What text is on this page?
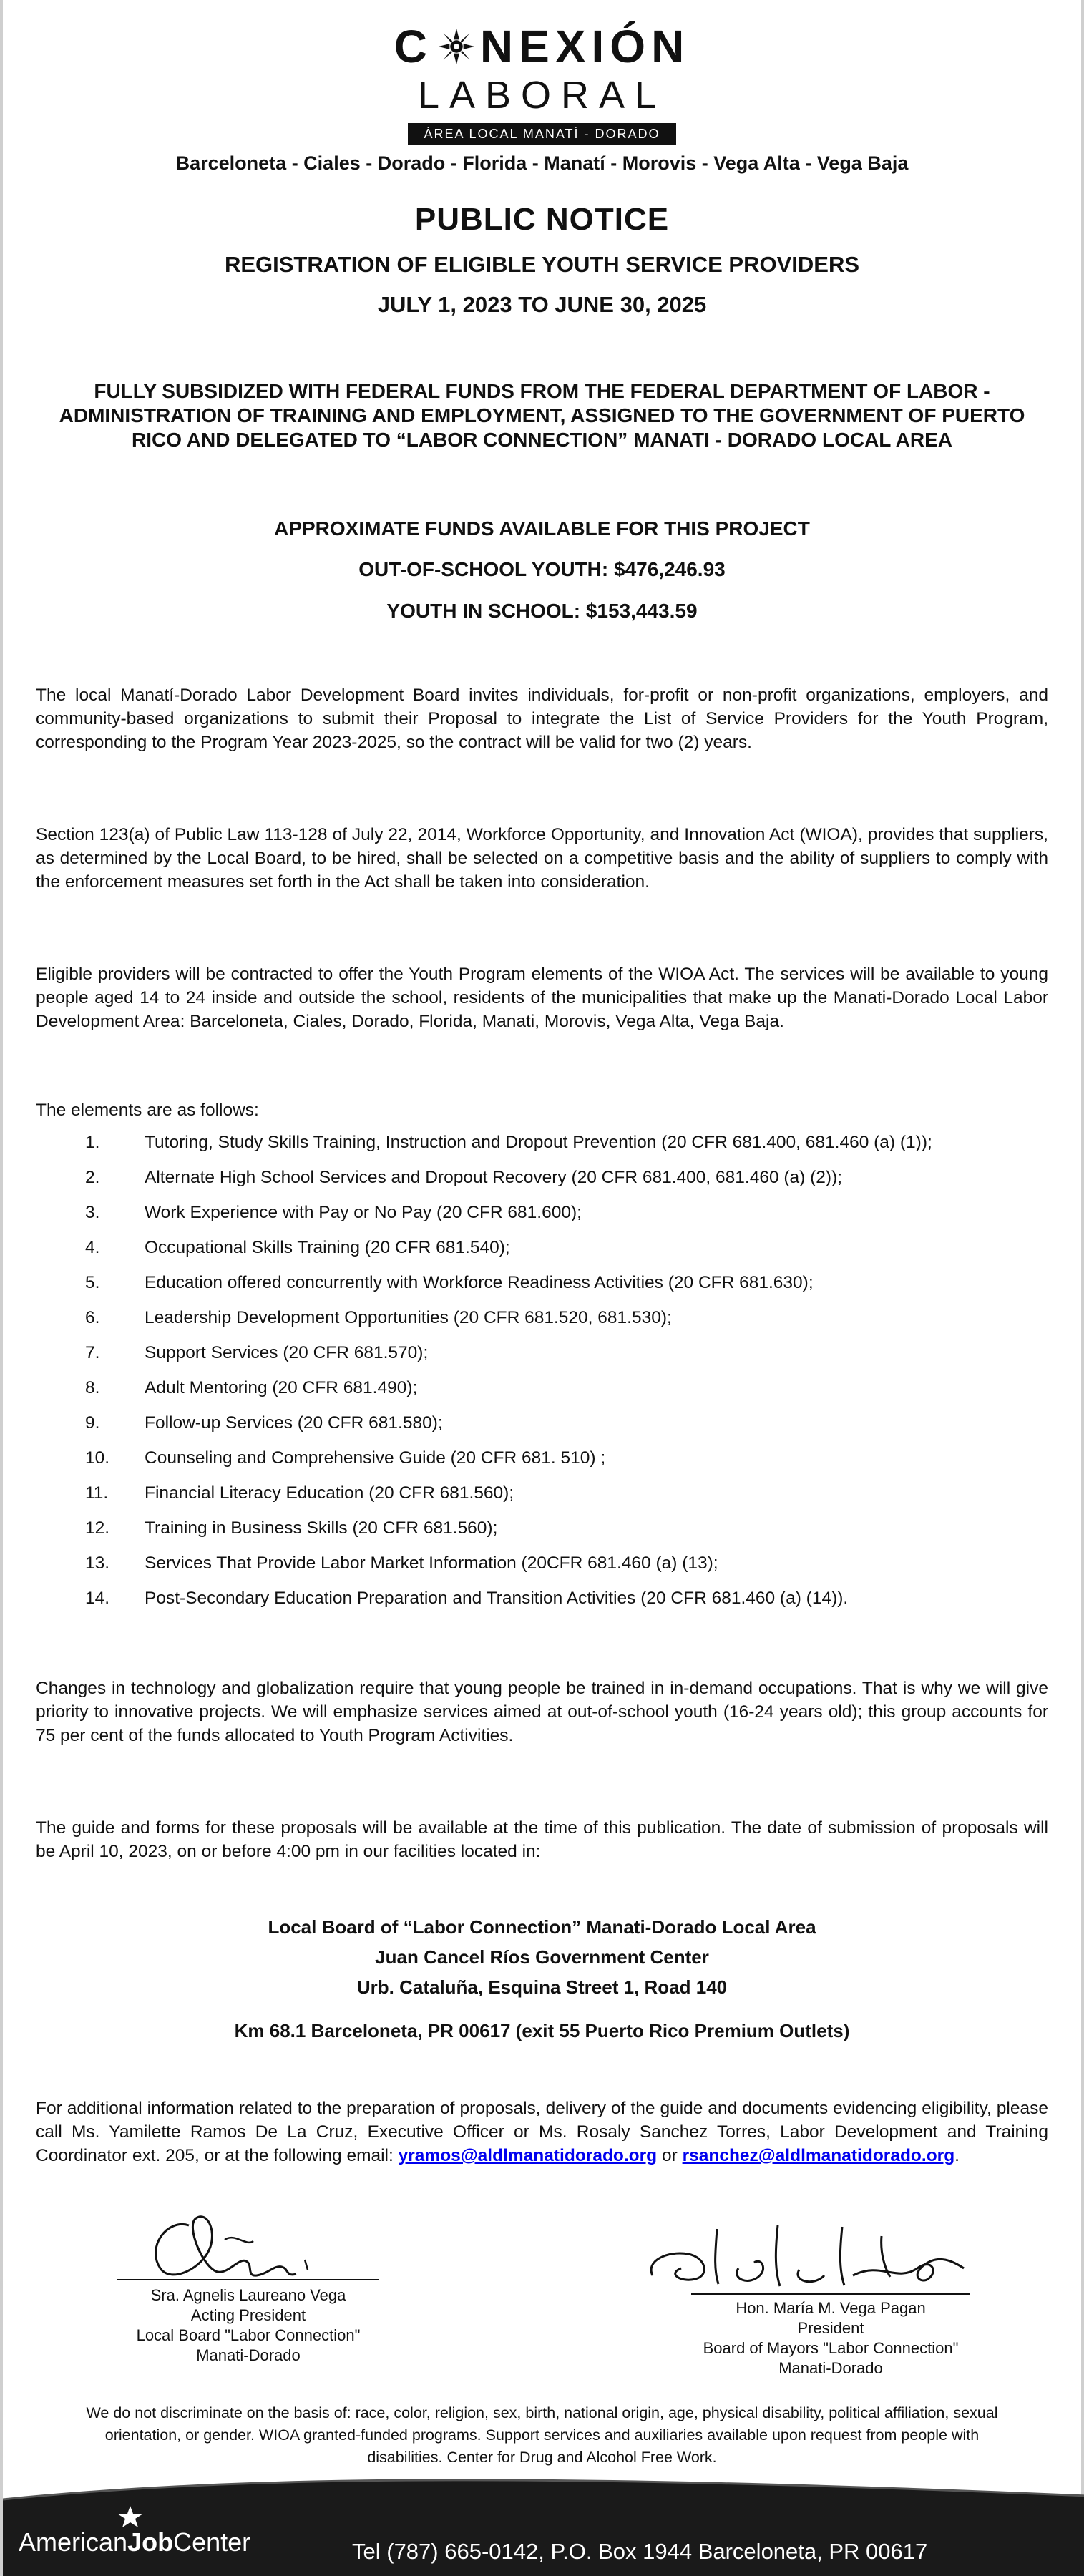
C NEXIÓN
LABORAL
ÁREA LOCAL MANATÍ - DORADO
Barceloneta - Ciales - Dorado - Florida - Manatí - Morovis - Vega Alta - Vega Baja
PUBLIC NOTICE
REGISTRATION OF ELIGIBLE YOUTH SERVICE PROVIDERS
JULY 1, 2023 TO JUNE 30, 2025
FULLY SUBSIDIZED WITH FEDERAL FUNDS FROM THE FEDERAL DEPARTMENT OF LABOR - ADMINISTRATION OF TRAINING AND EMPLOYMENT, ASSIGNED TO THE GOVERNMENT OF PUERTO RICO AND DELEGATED TO “LABOR CONNECTION” MANATI - DORADO LOCAL AREA
APPROXIMATE FUNDS AVAILABLE FOR THIS PROJECT
OUT-OF-SCHOOL YOUTH: $476,246.93
YOUTH IN SCHOOL: $153,443.59
The local Manatí-Dorado Labor Development Board invites individuals, for-profit or non-profit organizations, employers, and community-based organizations to submit their Proposal to integrate the List of Service Providers for the Youth Program, corresponding to the Program Year 2023-2025, so the contract will be valid for two (2) years.
Section 123(a) of Public Law 113-128 of July 22, 2014, Workforce Opportunity, and Innovation Act (WIOA), provides that suppliers, as determined by the Local Board, to be hired, shall be selected on a competitive basis and the ability of suppliers to comply with the enforcement measures set forth in the Act shall be taken into consideration.
Eligible providers will be contracted to offer the Youth Program elements of the WIOA Act. The services will be available to young people aged 14 to 24 inside and outside the school, residents of the municipalities that make up the Manati-Dorado Local Labor Development Area: Barceloneta, Ciales, Dorado, Florida, Manati, Morovis, Vega Alta, Vega Baja.
The elements are as follows:
1.	Tutoring, Study Skills Training, Instruction and Dropout Prevention (20 CFR 681.400, 681.460 (a) (1));
2.	Alternate High School Services and Dropout Recovery (20 CFR 681.400, 681.460 (a) (2));
3.	Work Experience with Pay or No Pay (20 CFR 681.600);
4.	Occupational Skills Training (20 CFR 681.540);
5.	Education offered concurrently with Workforce Readiness Activities (20 CFR 681.630);
6.	Leadership Development Opportunities (20 CFR 681.520, 681.530);
7.	Support Services (20 CFR 681.570);
8.	Adult Mentoring (20 CFR 681.490);
9.	Follow-up Services (20 CFR 681.580);
10. Counseling and Comprehensive Guide (20 CFR 681. 510) ;
11. Financial Literacy Education (20 CFR 681.560);
12. Training in Business Skills (20 CFR 681.560);
13. Services That Provide Labor Market Information (20CFR 681.460 (a) (13);
14. Post-Secondary Education Preparation and Transition Activities (20 CFR 681.460 (a) (14)).
Changes in technology and globalization require that young people be trained in in-demand occupations. That is why we will give priority to innovative projects. We will emphasize services aimed at out-of-school youth (16-24 years old); this group accounts for 75 per cent of the funds allocated to Youth Program Activities.
The guide and forms for these proposals will be available at the time of this publication. The date of submission of proposals will be April 10, 2023, on or before 4:00 pm in our facilities located in:
Local Board of “Labor Connection” Manati-Dorado Local Area
Juan Cancel Ríos Government Center
Urb. Cataluña, Esquina Street 1, Road 140
Km 68.1 Barceloneta, PR 00617 (exit 55 Puerto Rico Premium Outlets)
For additional information related to the preparation of proposals, delivery of the guide and documents evidencing eligibility, please call Ms. Yamilette Ramos De La Cruz, Executive Officer or Ms. Rosaly Sanchez Torres, Labor Development and Training Coordinator ext. 205, or at the following email: yramos@aldlmanatidorado.org or rsanchez@aldlmanatidorado.org.
Sra. Agnelis Laureano Vega
Acting President
Local Board "Labor Connection"
Manati-Dorado
Hon. María M. Vega Pagan
President
Board of Mayors "Labor Connection"
Manati-Dorado
We do not discriminate on the basis of: race, color, religion, sex, birth, national origin, age, physical disability, political affiliation, sexual orientation, or gender. WIOA granted-funded programs. Support services and auxiliaries available upon request from people with disabilities. Center for Drug and Alcohol Free Work.
AmericanJobCenter	Tel (787) 665-0142, P.O. Box 1944 Barceloneta, PR 00617
